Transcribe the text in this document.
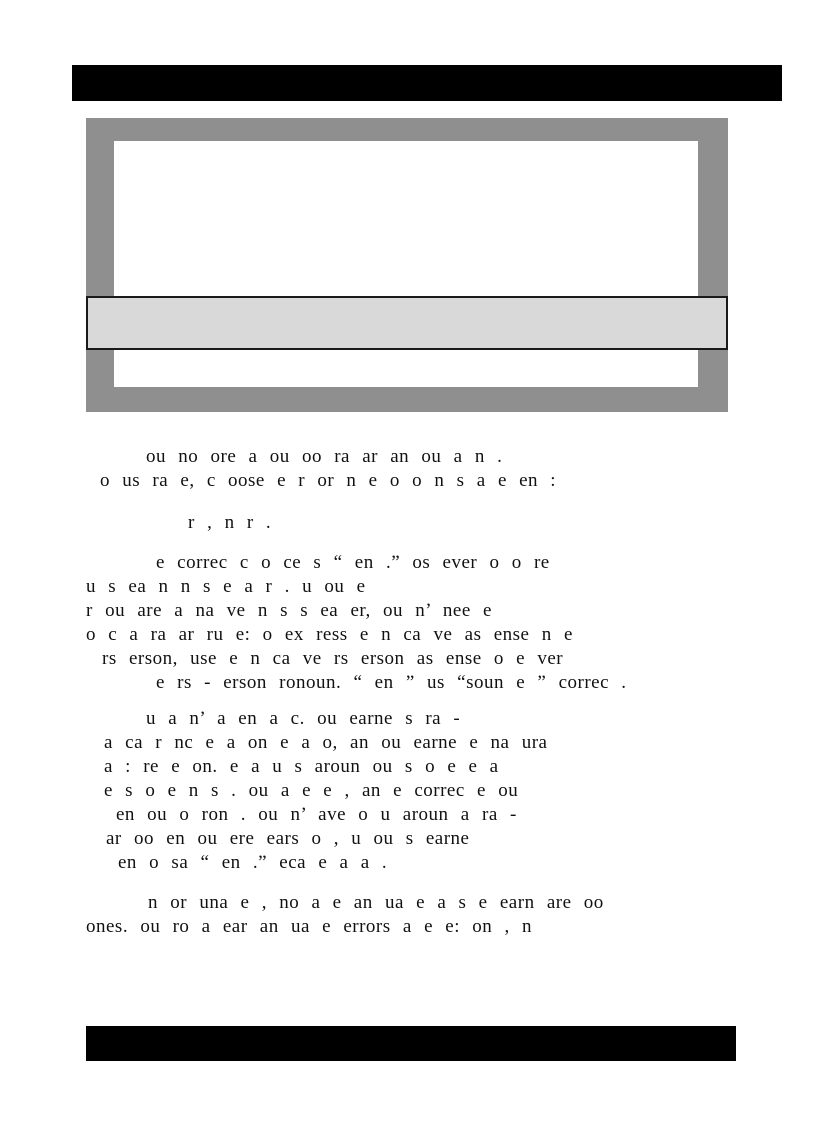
ou no ore a ou oo ra ar an ou a n .

o us ra e, c oose e r or n e o o n s a e en :

r , n r .

e correc c o ce s “ en .” os ever o o re

u s ea n n s e a r . u ou e

r ou are a na ve n s s ea er, ou n’ nee e

o c a ra ar ru e: o ex ress e n ca ve as ense n e

rs erson, use e n ca ve rs erson as ense o e ver

e rs - erson ronoun. “ en ” us “soun e ” correc .

u a n’ a en a c. ou earne s ra -

a ca r nc e a on e a o, an ou earne e na ura

a : re e on. e a u s aroun ou s o e e a

e s o e n s . ou a e e , an e correc e ou

en ou o ron . ou n’ ave o u aroun a ra -

ar oo en ou ere ears o , u ou s earne

en o sa “ en .” eca e a a .

n or una e , no a e an ua e a s e earn are oo

ones. ou ro a ear an ua e errors a e e: on , n
